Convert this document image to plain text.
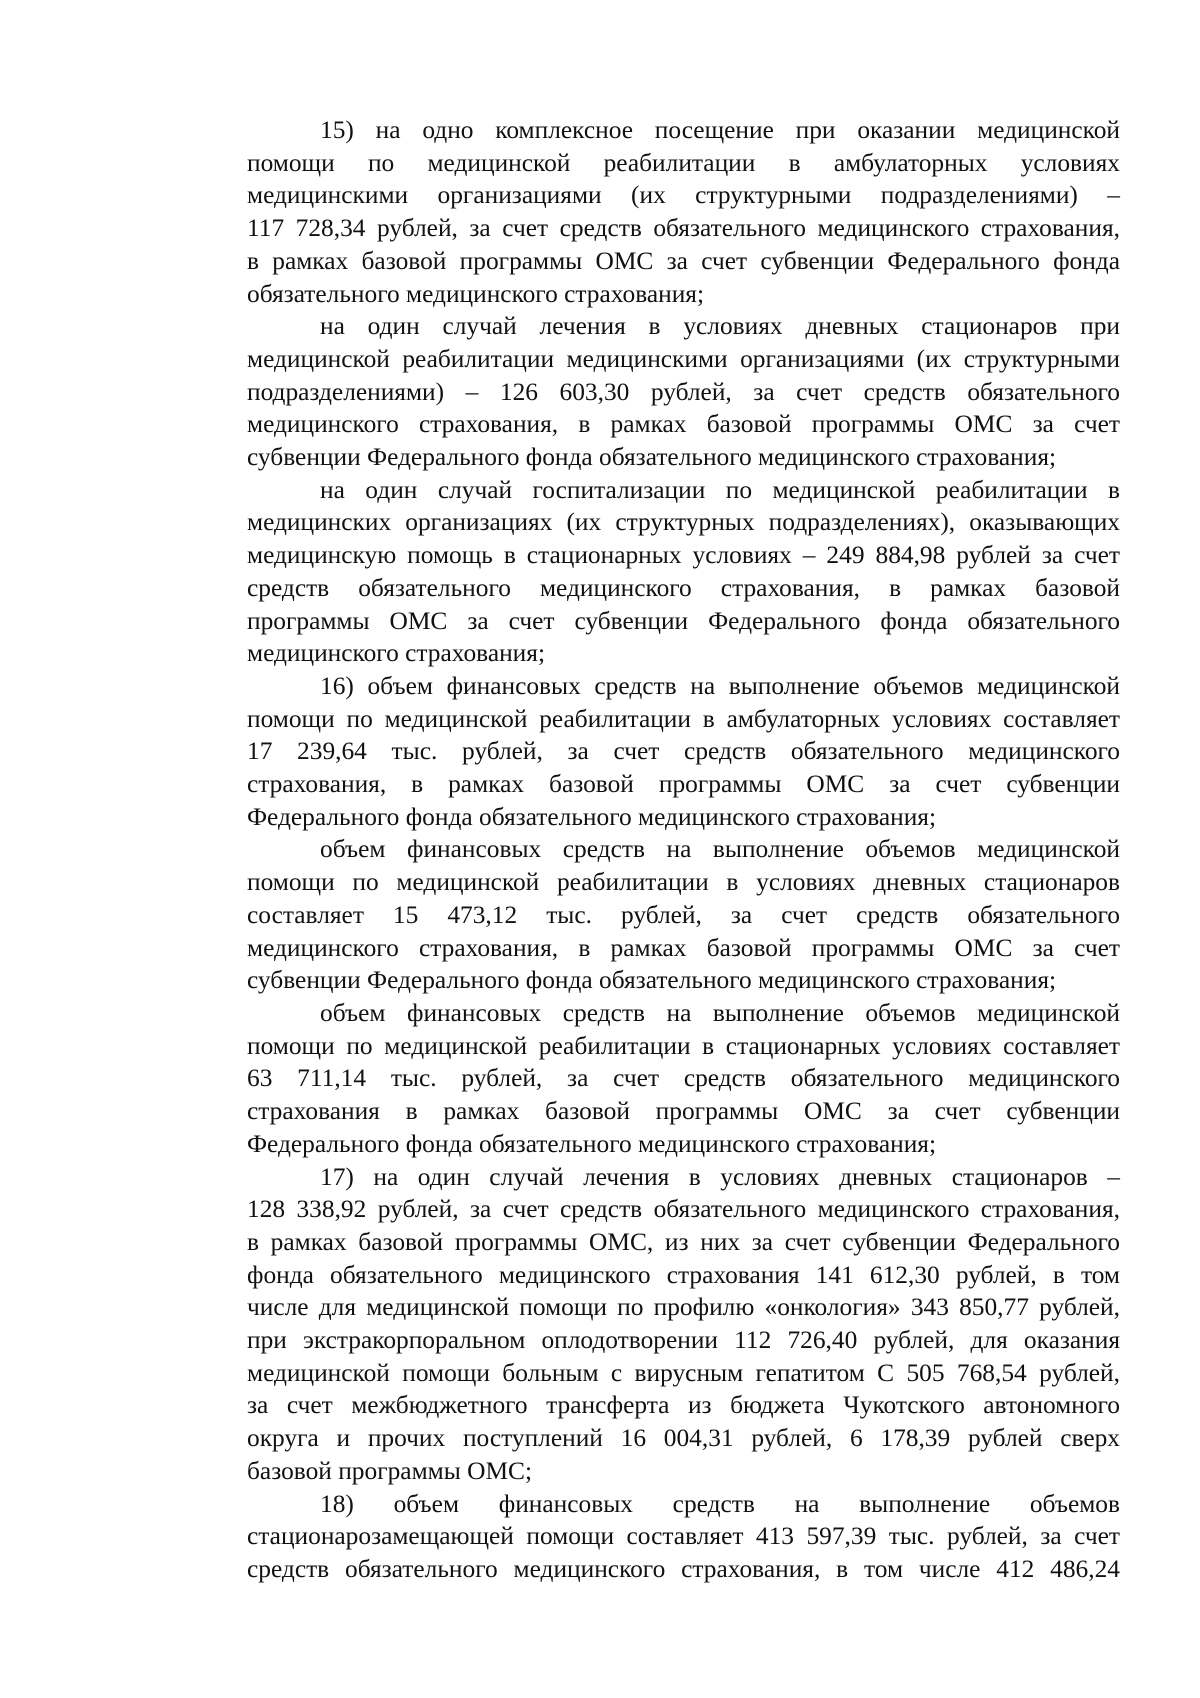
15) на одно комплексное посещение при оказании медицинской
помощи по медицинской реабилитации в амбулаторных условиях
медицинскими организациями (их структурными подразделениями) –
117 728,34 рублей, за счет средств обязательного медицинского страхования,
в рамках базовой программы ОМС за счет субвенции Федерального фонда
обязательного медицинского страхования;
на один случай лечения в условиях дневных стационаров при
медицинской реабилитации медицинскими организациями (их структурными
подразделениями) – 126 603,30 рублей, за счет средств обязательного
медицинского страхования, в рамках базовой программы ОМС за счет
субвенции Федерального фонда обязательного медицинского страхования;
на один случай госпитализации по медицинской реабилитации в
медицинских организациях (их структурных подразделениях), оказывающих
медицинскую помощь в стационарных условиях – 249 884,98 рублей за счет
средств обязательного медицинского страхования, в рамках базовой
программы ОМС за счет субвенции Федерального фонда обязательного
медицинского страхования;
16) объем финансовых средств на выполнение объемов медицинской
помощи по медицинской реабилитации в амбулаторных условиях составляет
17 239,64 тыс. рублей, за счет средств обязательного медицинского
страхования, в рамках базовой программы ОМС за счет субвенции
Федерального фонда обязательного медицинского страхования;
объем финансовых средств на выполнение объемов медицинской
помощи по медицинской реабилитации в условиях дневных стационаров
составляет 15 473,12 тыс. рублей, за счет средств обязательного
медицинского страхования, в рамках базовой программы ОМС за счет
субвенции Федерального фонда обязательного медицинского страхования;
объем финансовых средств на выполнение объемов медицинской
помощи по медицинской реабилитации в стационарных условиях составляет
63 711,14 тыс. рублей, за счет средств обязательного медицинского
страхования в рамках базовой программы ОМС за счет субвенции
Федерального фонда обязательного медицинского страхования;
17) на один случай лечения в условиях дневных стационаров –
128 338,92 рублей, за счет средств обязательного медицинского страхования,
в рамках базовой программы ОМС, из них за счет субвенции Федерального
фонда обязательного медицинского страхования 141 612,30 рублей, в том
числе для медицинской помощи по профилю «онкология» 343 850,77 рублей,
при экстракорпоральном оплодотворении 112 726,40 рублей, для оказания
медицинской помощи больным с вирусным гепатитом С 505 768,54 рублей,
за счет межбюджетного трансферта из бюджета Чукотского автономного
округа и прочих поступлений 16 004,31 рублей, 6 178,39 рублей сверх
базовой программы ОМС;
18) объем финансовых средств на выполнение объемов
стационарозамещающей помощи составляет 413 597,39 тыс. рублей, за счет
средств обязательного медицинского страхования, в том числе 412 486,24
